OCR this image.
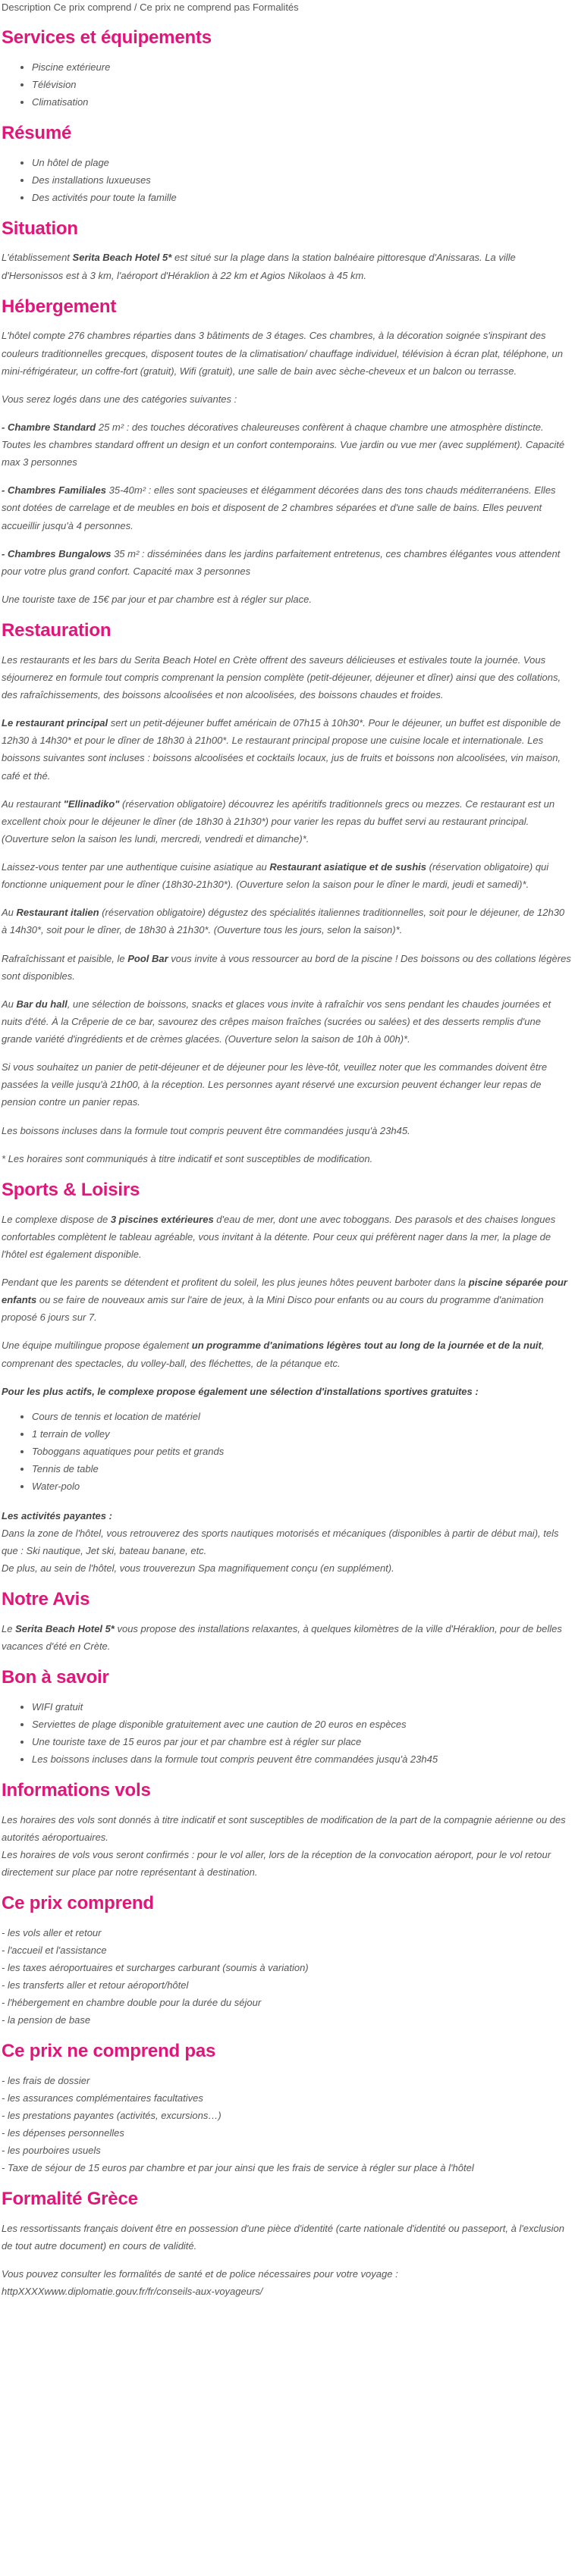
Description Ce prix comprend / Ce prix ne comprend pas Formalités
Services et équipements
• Piscine extérieure
• Télévision
• Climatisation
Résumé
• Un hôtel de plage
• Des installations luxueuses
• Des activités pour toute la famille
Situation

L'établissement Serita Beach Hotel 5* est situé sur la plage dans la station balnéaire pittoresque d'Anissaras. La ville d'Hersonissos est à 3 km, l'aéroport d'Héraklion à 22 km et Agios Nikolaos à 45 km.

Hébergement

L'hôtel compte 276 chambres réparties dans 3 bâtiments de 3 étages. Ces chambres, à la décoration soignée s'inspirant des couleurs traditionnelles grecques, disposent toutes de la climatisation/ chauffage individuel, télévision à écran plat, téléphone, un mini-réfrigérateur, un coffre-fort (gratuit), Wifi (gratuit), une salle de bain avec sèche-cheveux et un balcon ou terrasse.

Vous serez logés dans une des catégories suivantes :

- Chambre Standard 25 m² : des touches décoratives chaleureuses confèrent à chaque chambre une atmosphère distincte. Toutes les chambres standard offrent un design et un confort contemporains. Vue jardin ou vue mer (avec supplément). Capacité max 3 personnes

- Chambres Familiales 35-40m² : elles sont spacieuses et élégamment décorées dans des tons chauds méditerranéens. Elles sont dotées de carrelage et de meubles en bois et disposent de 2 chambres séparées et d'une salle de bains. Elles peuvent accueillir jusqu'à 4 personnes.

- Chambres Bungalows 35 m² : disséminées dans les jardins parfaitement entretenus, ces chambres élégantes vous attendent pour votre plus grand confort. Capacité max 3 personnes

Une touriste taxe de 15€ par jour et par chambre est à régler sur place.

Restauration

Les restaurants et les bars du Serita Beach Hotel en Crète offrent des saveurs délicieuses et estivales toute la journée. Vous séjournerez en formule tout compris comprenant la pension complète (petit-déjeuner, déjeuner et dîner) ainsi que des collations, des rafraîchissements, des boissons alcoolisées et non alcoolisées, des boissons chaudes et froides.

Le restaurant principal sert un petit-déjeuner buffet américain de 07h15 à 10h30*. Pour le déjeuner, un buffet est disponible de 12h30 à 14h30* et pour le dîner de 18h30 à 21h00*. Le restaurant principal propose une cuisine locale et internationale. Les boissons suivantes sont incluses : boissons alcoolisées et cocktails locaux, jus de fruits et boissons non alcoolisées, vin maison, café et thé.

Au restaurant "Ellinadiko" (réservation obligatoire) découvrez les apéritifs traditionnels grecs ou mezzes. Ce restaurant est un excellent choix pour le déjeuner le dîner (de 18h30 à 21h30*) pour varier les repas du buffet servi au restaurant principal. (Ouverture selon la saison les lundi, mercredi, vendredi et dimanche)*.

Laissez-vous tenter par une authentique cuisine asiatique au Restaurant asiatique et de sushis (réservation obligatoire) qui fonctionne uniquement pour le dîner (18h30-21h30*). (Ouverture selon la saison pour le dîner le mardi, jeudi et samedi)*.

Au Restaurant italien (réservation obligatoire) dégustez des spécialités italiennes traditionnelles, soit pour le déjeuner, de 12h30 à 14h30*, soit pour le dîner, de 18h30 à 21h30*. (Ouverture tous les jours, selon la saison)*.

Rafraîchissant et paisible, le Pool Bar vous invite à vous ressourcer au bord de la piscine ! Des boissons ou des collations légères sont disponibles.

Au Bar du hall, une sélection de boissons, snacks et glaces vous invite à rafraîchir vos sens pendant les chaudes journées et nuits d'été. À la Crêperie de ce bar, savourez des crêpes maison fraîches (sucrées ou salées) et des desserts remplis d'une grande variété d'ingrédients et de crèmes glacées. (Ouverture selon la saison de 10h à 00h)*.

Si vous souhaitez un panier de petit-déjeuner et de déjeuner pour les lève-tôt, veuillez noter que les commandes doivent être passées la veille jusqu'à 21h00, à la réception. Les personnes ayant réservé une excursion peuvent échanger leur repas de pension contre un panier repas.

Les boissons incluses dans la formule tout compris peuvent être commandées jusqu'à 23h45.

* Les horaires sont communiqués à titre indicatif et sont susceptibles de modification.

Sports & Loisirs

Le complexe dispose de 3 piscines extérieures d'eau de mer, dont une avec toboggans. Des parasols et des chaises longues confortables complètent le tableau agréable, vous invitant à la détente. Pour ceux qui préfèrent nager dans la mer, la plage de l'hôtel est également disponible.

Pendant que les parents se détendent et profitent du soleil, les plus jeunes hôtes peuvent barboter dans la piscine séparée pour enfants ou se faire de nouveaux amis sur l'aire de jeux, à la Mini Disco pour enfants ou au cours du programme d'animation proposé 6 jours sur 7.

Une équipe multilingue propose également un programme d'animations légères tout au long de la journée et de la nuit, comprenant des spectacles, du volley-ball, des fléchettes, de la pétanque etc.

Pour les plus actifs, le complexe propose également une sélection d'installations sportives gratuites :

• Cours de tennis et location de matériel
• 1 terrain de volley
• Toboggans aquatiques pour petits et grands
• Tennis de table
• Water-polo

Les activités payantes :
Dans la zone de l'hôtel, vous retrouverez des sports nautiques motorisés et mécaniques (disponibles à partir de début mai), tels que : Ski nautique, Jet ski, bateau banane, etc.
De plus, au sein de l'hôtel, vous trouverezun Spa magnifiquement conçu (en supplément).

Notre Avis

Le Serita Beach Hotel 5* vous propose des installations relaxantes, à quelques kilomètres de la ville d'Héraklion, pour de belles vacances d'été en Crète.

Bon à savoir
• WIFI gratuit
• Serviettes de plage disponible gratuitement avec une caution de 20 euros en espèces
• Une touriste taxe de 15 euros par jour et par chambre est à régler sur place
• Les boissons incluses dans la formule tout compris peuvent être commandées jusqu'à 23h45
Informations vols

Les horaires des vols sont donnés à titre indicatif et sont susceptibles de modification de la part de la compagnie aérienne ou des autorités aéroportuaires.
Les horaires de vols vous seront confirmés : pour le vol aller, lors de la réception de la convocation aéroport, pour le vol retour directement sur place par notre représentant à destination.

Ce prix comprend
- les vols aller et retour
- l'accueil et l'assistance
- les taxes aéroportuaires et surcharges carburant (soumis à variation)
- les transferts aller et retour aéroport/hôtel
- l'hébergement en chambre double pour la durée du séjour
- la pension de base
Ce prix ne comprend pas
- les frais de dossier
- les assurances complémentaires facultatives
- les prestations payantes (activités, excursions…)
- les dépenses personnelles
- les pourboires usuels
- Taxe de séjour de 15 euros par chambre et par jour ainsi que les frais de service à régler sur place à l'hôtel
Formalité Grèce

Les ressortissants français doivent être en possession d'une pièce d'identité (carte nationale d'identité ou passeport, à l'exclusion de tout autre document) en cours de validité.

Vous pouvez consulter les formalités de santé et de police nécessaires pour votre voyage :
httpXXXXwww.diplomatie.gouv.fr/fr/conseils-aux-voyageurs/
